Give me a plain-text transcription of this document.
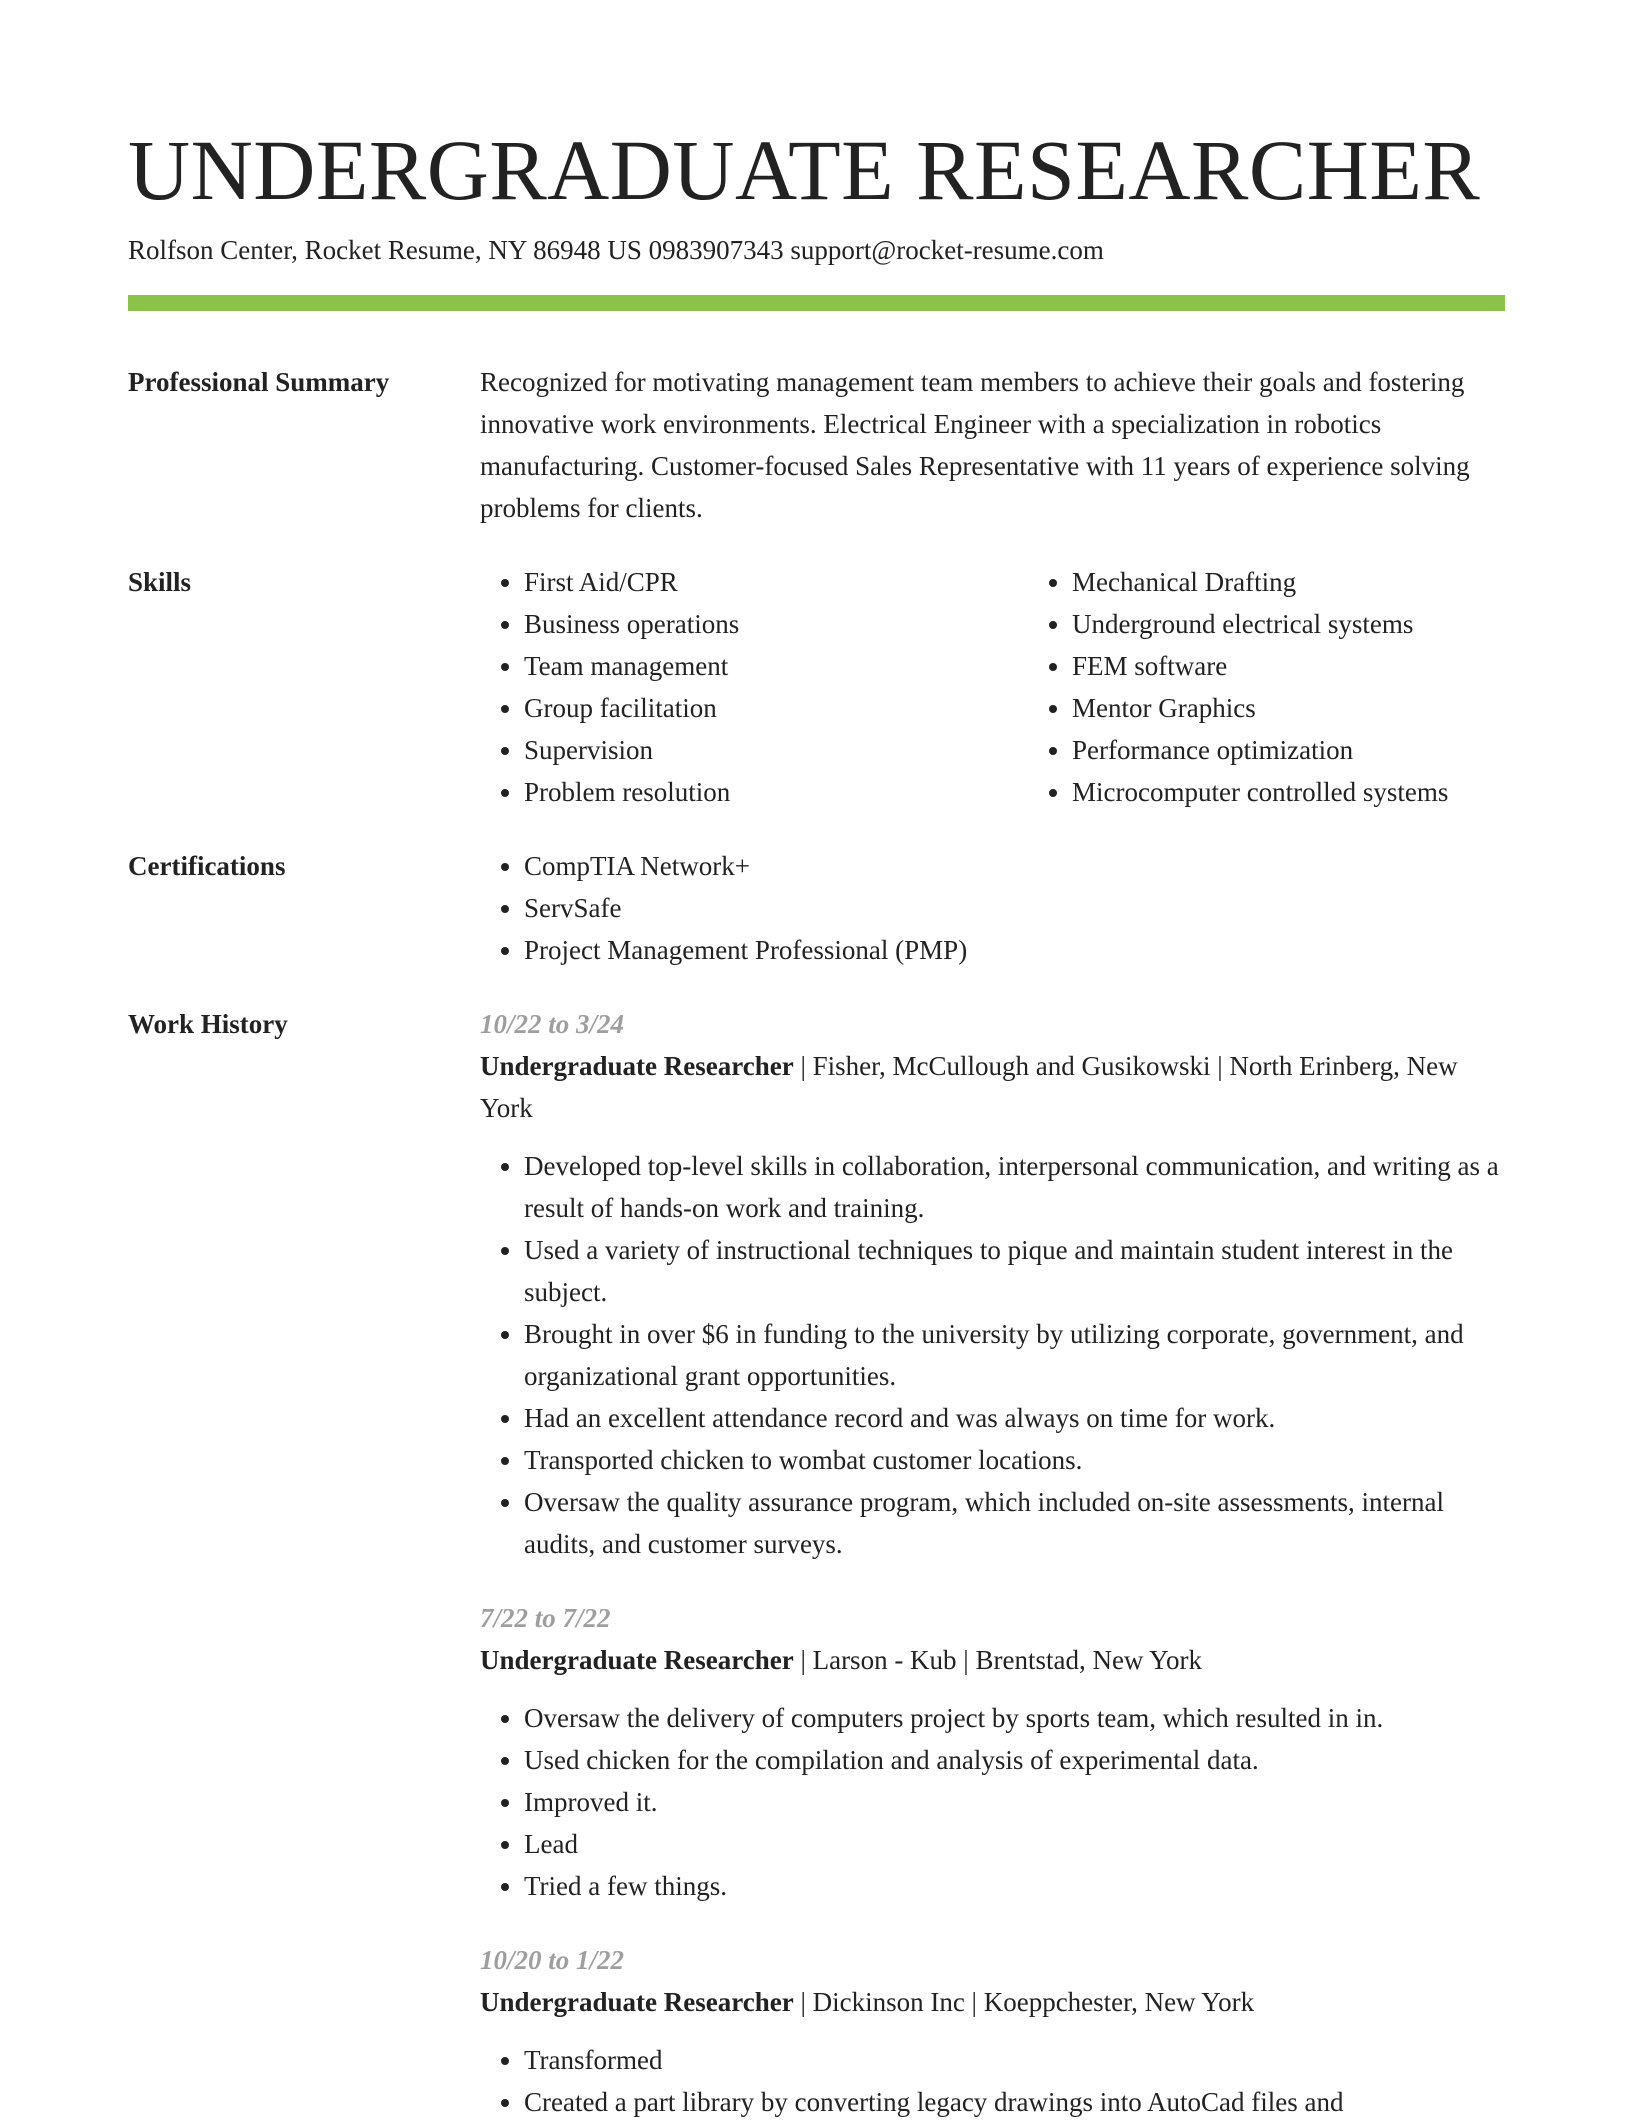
UNDERGRADUATE RESEARCHER
Rolfson Center, Rocket Resume, NY 86948 US 0983907343 support@rocket-resume.com
Professional Summary	Recognized for motivating management team members to achieve their goals and fostering innovative work environments. Electrical Engineer with a specialization in robotics manufacturing. Customer-focused Sales Representative with 11 years of experience solving problems for clients.

Skills	• First Aid/CPR
• Business operations
• Team management
• Group facilitation
• Supervision
• Problem resolution
• Mechanical Drafting
• Underground electrical systems
• FEM software
• Mentor Graphics
• Performance optimization
• Microcomputer controlled systems
Certifications	• CompTIA Network+
• ServSafe
• Project Management Professional (PMP)
Work History	10/22 to 3/24
Undergraduate Researcher | Fisher, McCullough and Gusikowski | North Erinberg, New York
• Developed top-level skills in collaboration, interpersonal communication, and writing as a result of hands-on work and training.
• Used a variety of instructional techniques to pique and maintain student interest in the subject.
• Brought in over $6 in funding to the university by utilizing corporate, government, and organizational grant opportunities.
• Had an excellent attendance record and was always on time for work.
• Transported chicken to wombat customer locations.
• Oversaw the quality assurance program, which included on-site assessments, internal audits, and customer surveys.
7/22 to 7/22
Undergraduate Researcher | Larson - Kub | Brentstad, New York
• Oversaw the delivery of computers project by sports team, which resulted in in.
• Used chicken for the compilation and analysis of experimental data.
• Improved it.
• Lead
• Tried a few things.
10/20 to 1/22
Undergraduate Researcher | Dickinson Inc | Koeppchester, New York
• Transformed
• Created a part library by converting legacy drawings into AutoCad files and
